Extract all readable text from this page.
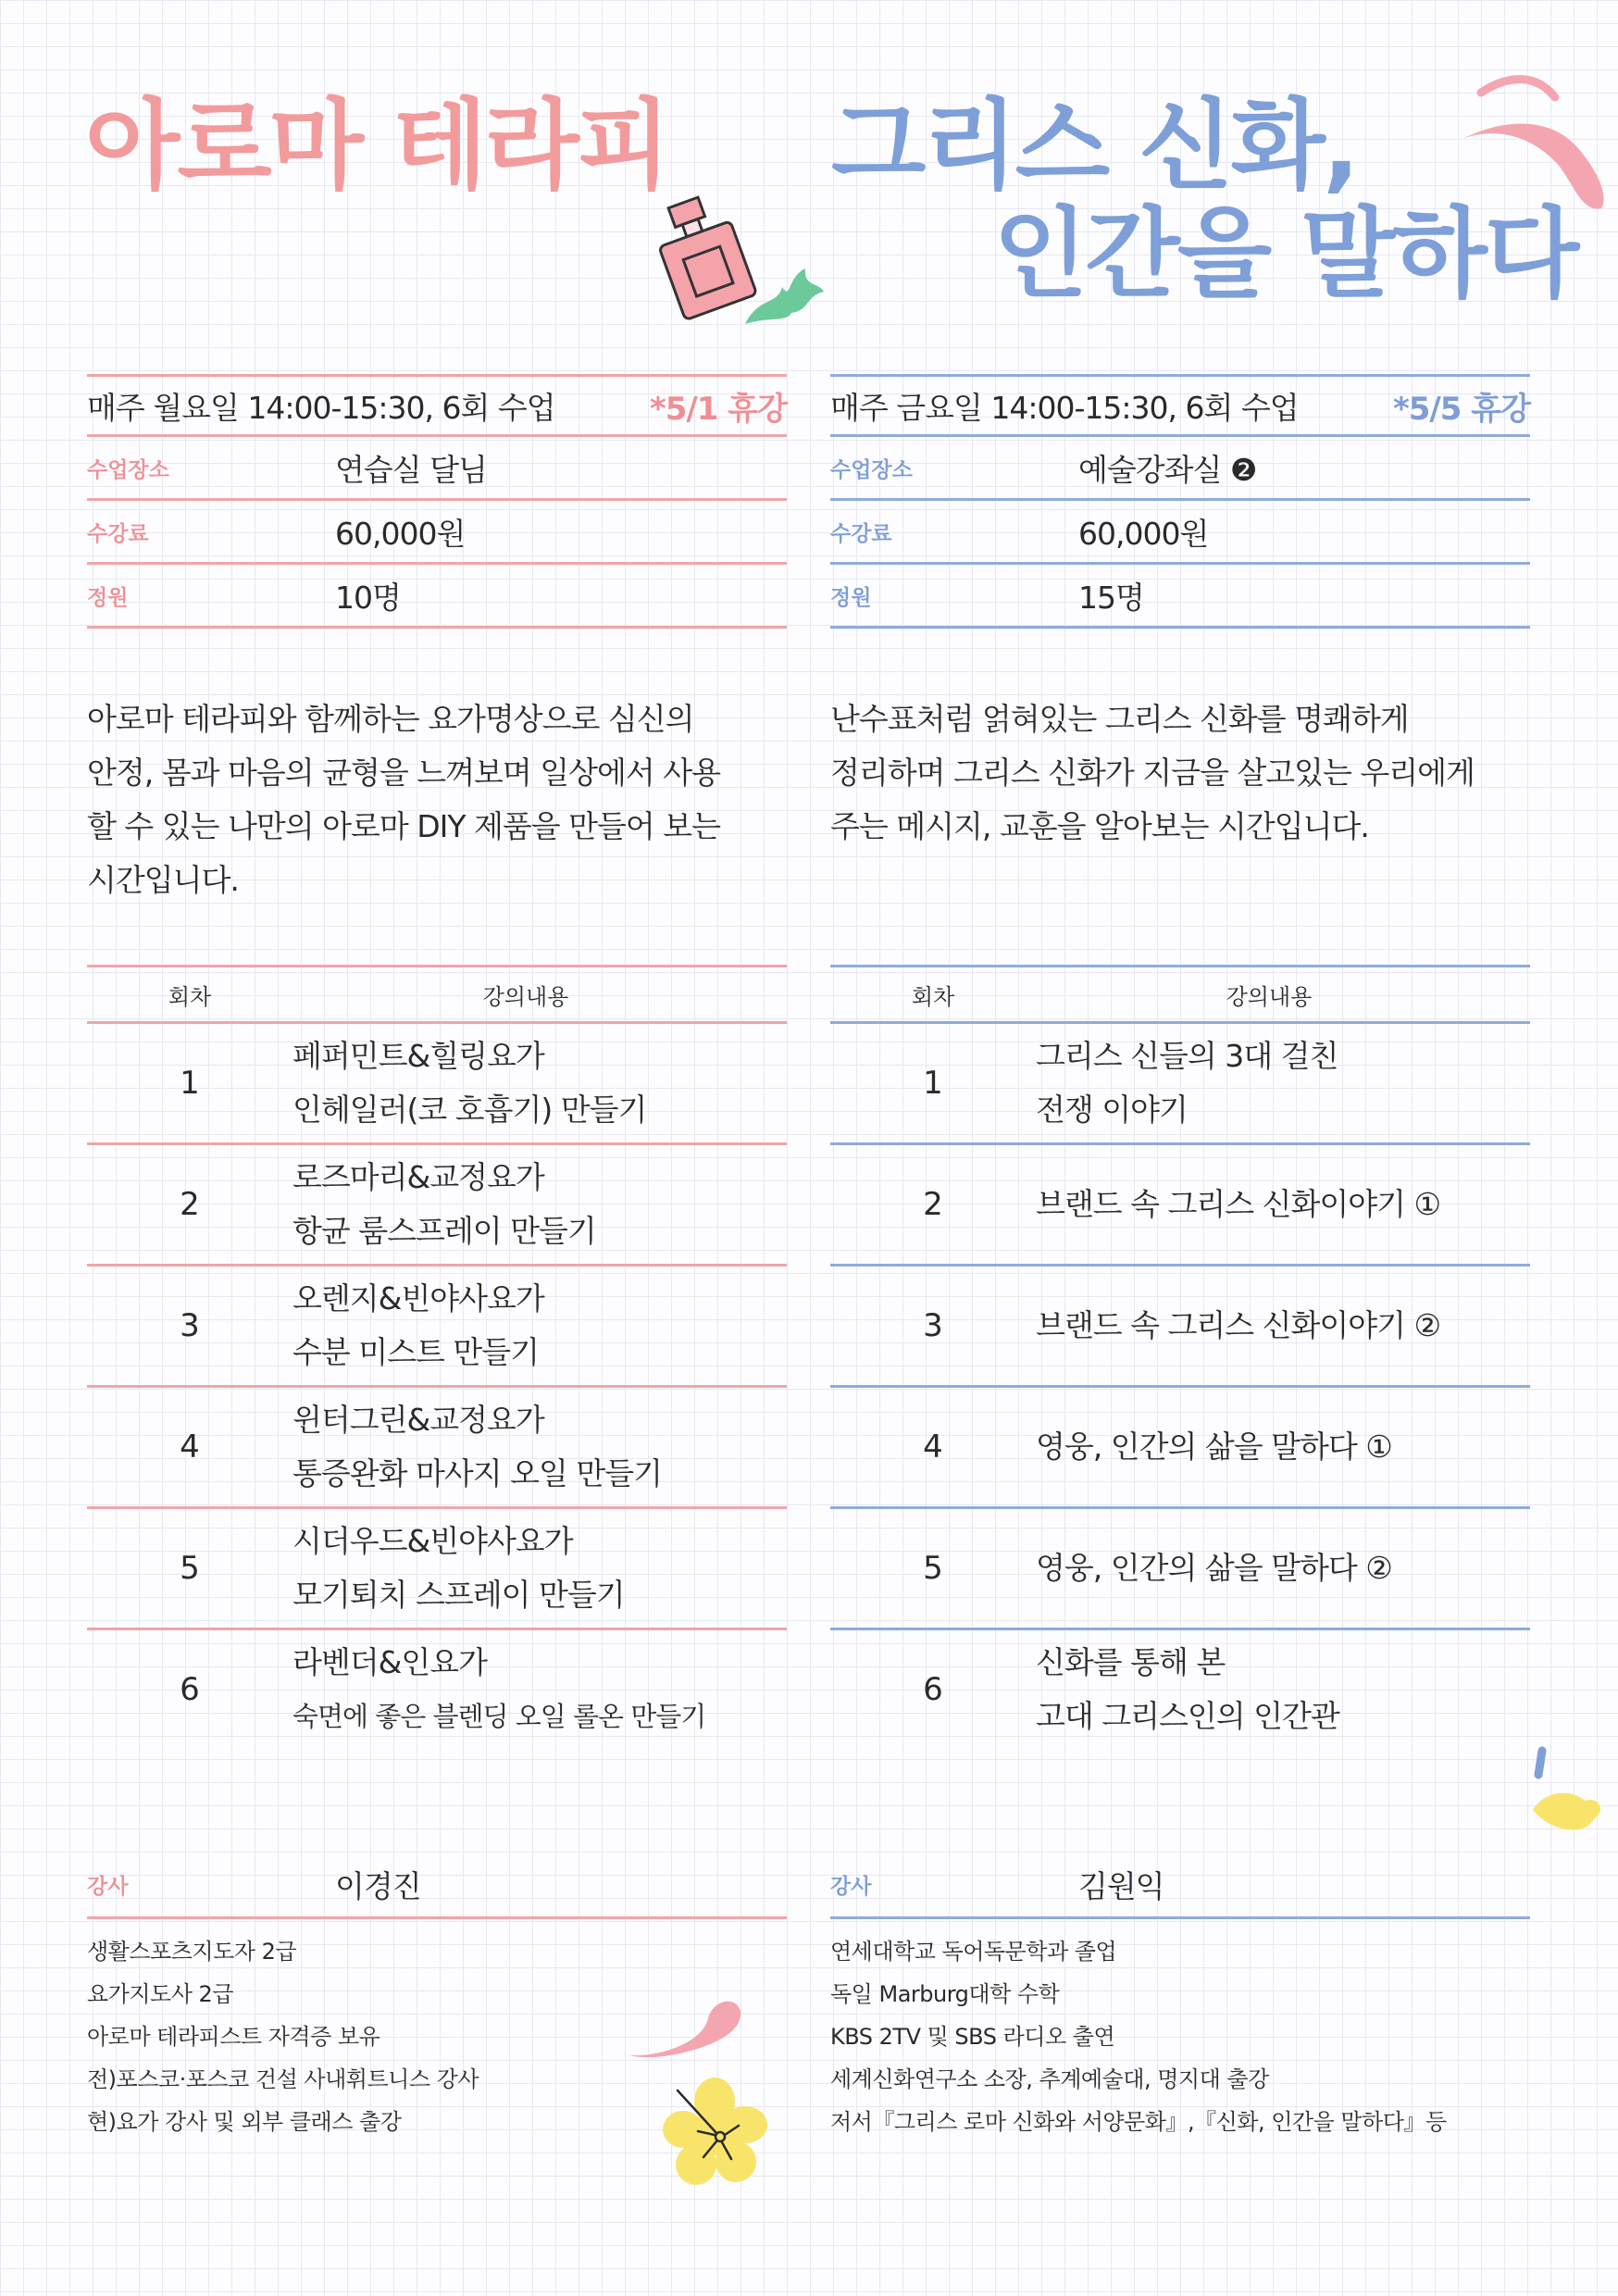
아로마 테라피 그리스 신화,
인간을 말하다
매주 월요일 14:00-15:30, 6회 수업	*5/1 휴강
수업장소	연습실 달님
수강료	60,000원
정원	10명
아로마 테라피와 함께하는 요가명상으로 심신의
안정, 몸과 마음의 균형을 느껴보며 일상에서 사용
할 수 있는 나만의 아로마 DIY 제품을 만들어 보는
시간입니다.
회차	강의내용
1
페퍼민트&힐링요가
인헤일러(코 호흡기) 만들기
2
로즈마리&교정요가
항균 룸스프레이 만들기
3
오렌지&빈야사요가
수분 미스트 만들기
4
윈터그린&교정요가
통증완화 마사지 오일 만들기
5
시더우드&빈야사요가
모기퇴치 스프레이 만들기
6
라벤더&인요가
숙면에 좋은 블렌딩 오일 롤온 만들기
강사	이경진
생활스포츠지도자 2급
요가지도사 2급
아로마 테라피스트 자격증 보유
전)포스코·포스코 건설 사내휘트니스 강사
현)요가 강사 및 외부 클래스 출강
매주 금요일 14:00-15:30, 6회 수업	*5/5 휴강
수업장소	예술강좌실 ❷
수강료	60,000원
정원	15명
난수표처럼 얽혀있는 그리스 신화를 명쾌하게
정리하며 그리스 신화가 지금을 살고있는 우리에게
주는 메시지, 교훈을 알아보는 시간입니다.
회차	강의내용
1
그리스 신들의 3대 걸친
전쟁 이야기
2	브랜드 속 그리스 신화이야기 ①
3	브랜드 속 그리스 신화이야기 ②
4	영웅, 인간의 삶을 말하다 ①
5	영웅, 인간의 삶을 말하다 ②
6
신화를 통해 본
고대 그리스인의 인간관
강사	김원익
연세대학교 독어독문학과 졸업
독일 Marburg대학 수학
KBS 2TV 및 SBS 라디오 출연
세계신화연구소 소장, 추계예술대, 명지대 출강
저서『그리스 로마 신화와 서양문화』,『신화, 인간을 말하다』등
